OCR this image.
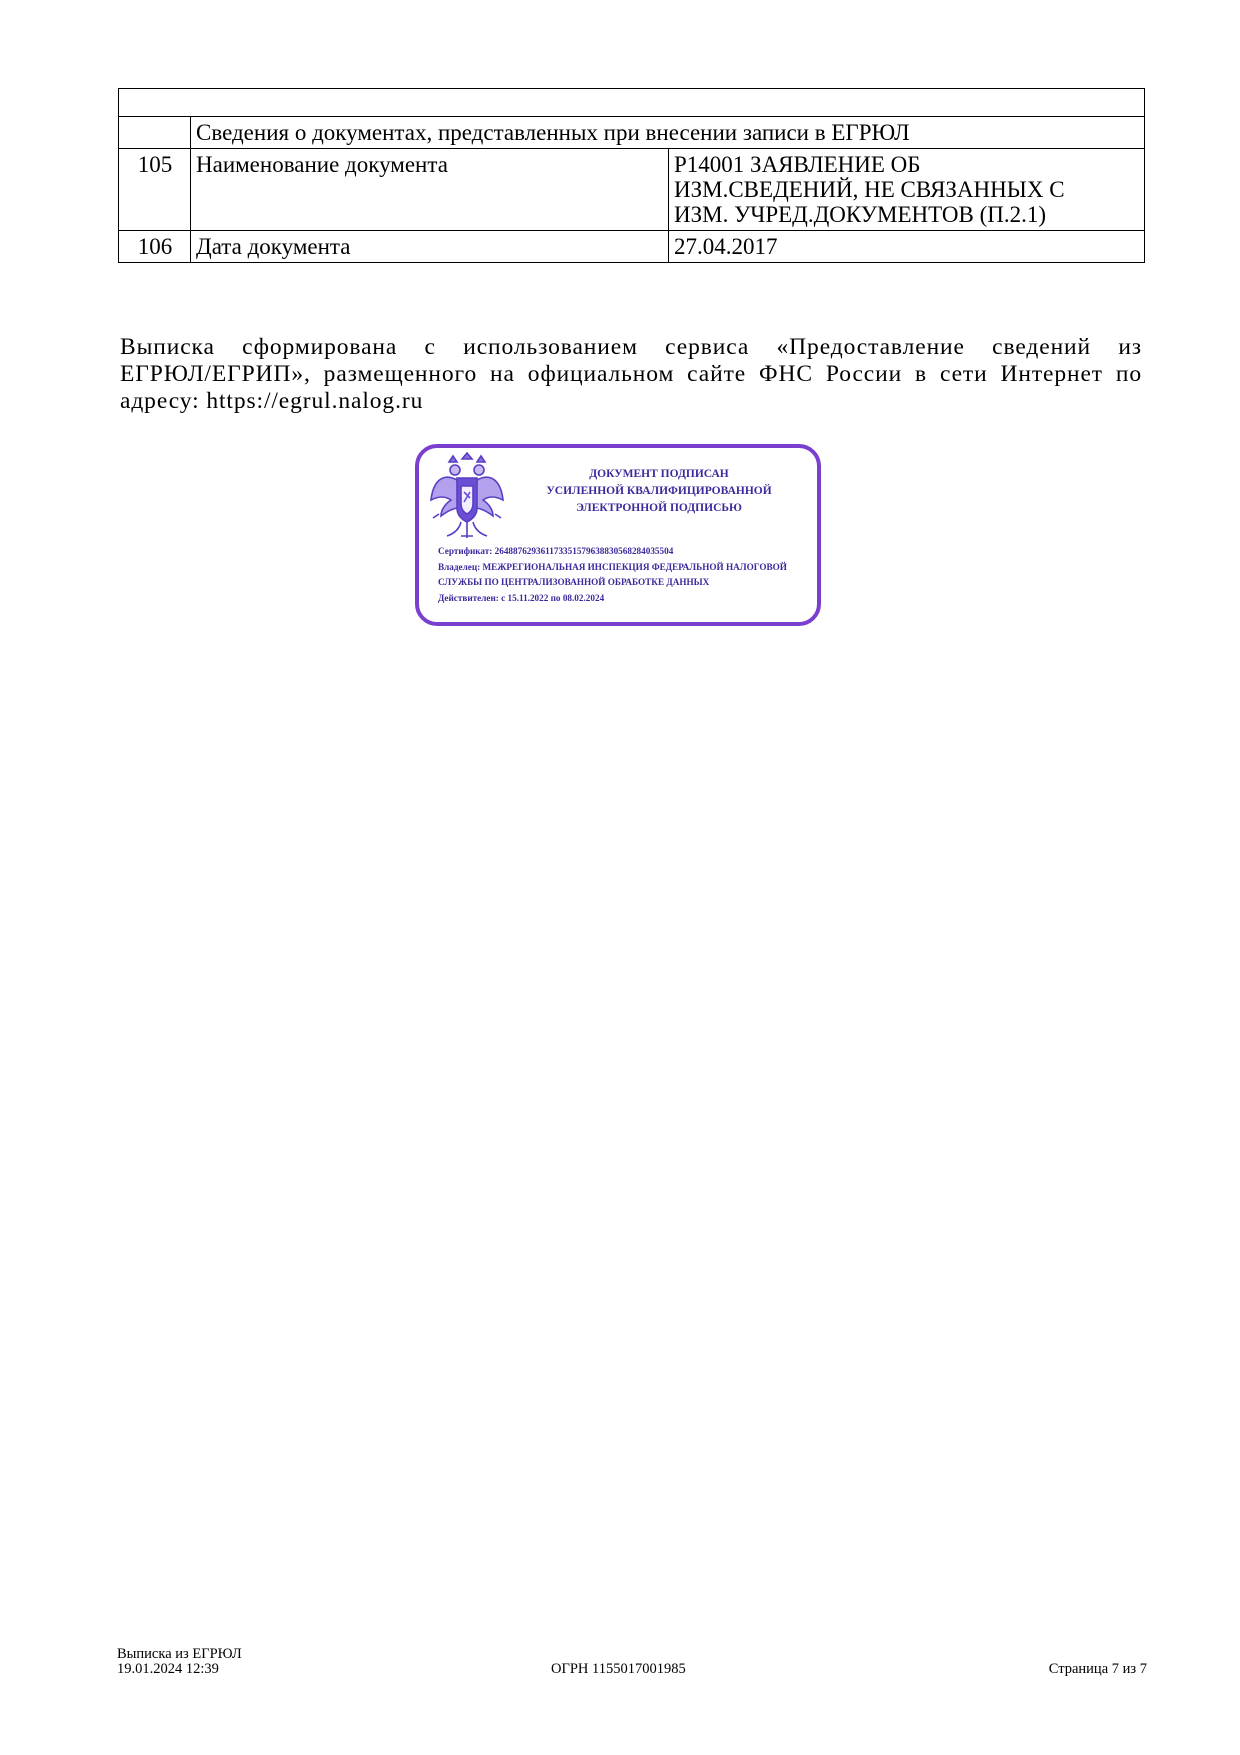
	Сведения о документах, представленных при внесении записи в ЕГРЮЛ	
105	Наименование документа	Р14001 ЗАЯВЛЕНИЕ ОБ
ИЗМ.СВЕДЕНИЙ, НЕ СВЯЗАННЫХ С
ИЗМ. УЧРЕД.ДОКУМЕНТОВ (П.2.1)

106	Дата документа	27.04.2017
Выписка сформирована с использованием сервиса «Предоставление сведений из
ЕГРЮЛ/ЕГРИП», размещенного на официальном сайте ФНС России в сети Интернет по
адресу: https://egrul.nalog.ru
ДОКУМЕНТ ПОДПИСАН
УСИЛЕННОЙ КВАЛИФИЦИРОВАННОЙ
ЭЛЕКТРОННОЙ ПОДПИСЬЮ
Сертификат: 264887629361173351579638830568284035504
Владелец: МЕЖРЕГИОНАЛЬНАЯ ИНСПЕКЦИЯ ФЕДЕРАЛЬНОЙ НАЛОГОВОЙ СЛУЖБЫ ПО ЦЕНТРАЛИЗОВАННОЙ ОБРАБОТКЕ ДАННЫХ
Действителен: с 15.11.2022 по 08.02.2024
Выписка из ЕГРЮЛ
19.01.2024 12:39	ОГРН 1155017001985	Страница 7 из 7
